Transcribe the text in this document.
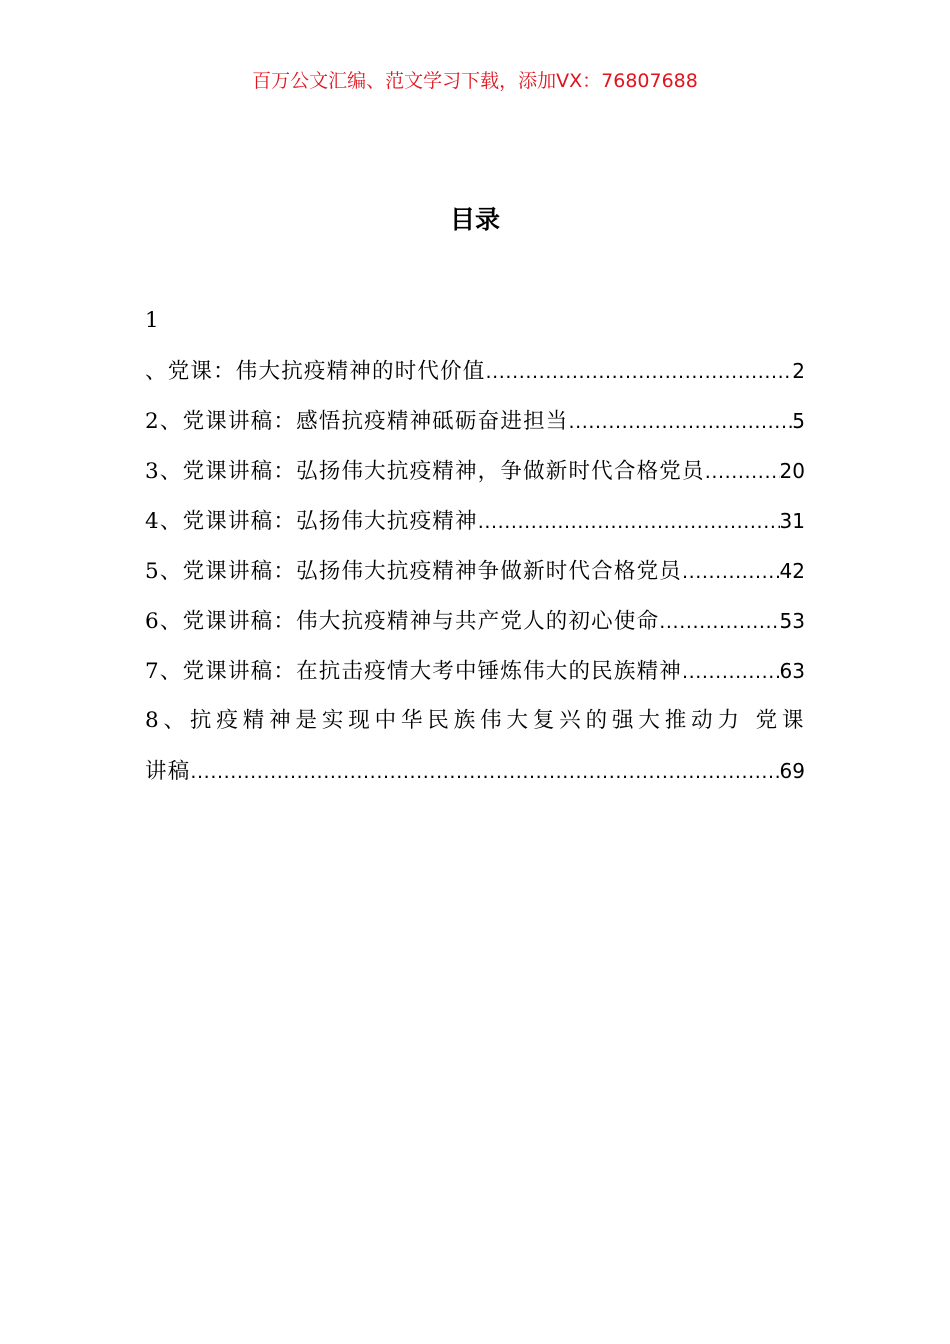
百万公文汇编、范文学习下载，添加VX：76807688
目录
1
、党课：伟大抗疫精神的时代价值 .....	2
2、党课讲稿：感悟抗疫精神砥砺奋进担当 .....	5
3、党课讲稿：弘扬伟大抗疫精神，争做新时代合格党员 .....	20
4、党课讲稿：弘扬伟大抗疫精神 .....	31
5、党课讲稿：弘扬伟大抗疫精神争做新时代合格党员 .....	42
6、党课讲稿：伟大抗疫精神与共产党人的初心使命 .....	53
7、党课讲稿：在抗击疫情大考中锤炼伟大的民族精神 .....	63
8、抗疫精神是实现中华民族伟大复兴的强大推动力 党课
讲稿 .....	69
